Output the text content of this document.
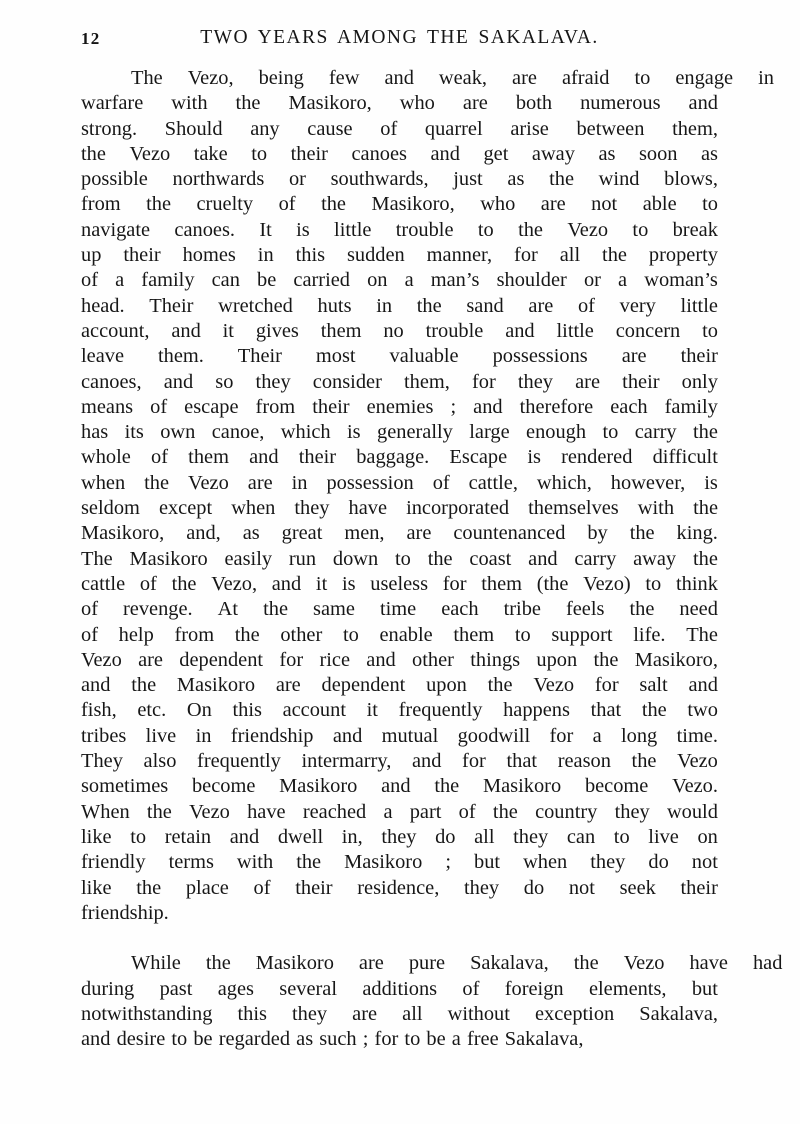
12	TWO YEARS AMONG THE SAKALAVA.
The	Vezo,	being	few	and	weak,	are	afraid	to	engage	in
warfare with the Masikoro, who are both numerous and
strong. Should any cause of quarrel arise between them,
the Vezo take to their canoes and get away as soon as
possible northwards or southwards, just as the wind blows,
from the cruelty of the Masikoro, who are not able to
navigate canoes. It is little trouble to the Vezo to break
up their homes in this sudden manner, for all the property
of a family can be carried on a man’s shoulder or a woman’s
head. Their wretched huts in the sand are of very little
account, and it gives them no trouble and little concern to
leave them. Their most valuable possessions are their
canoes, and so they consider them, for they are their only
means of escape from their enemies ; and therefore each family
has its own canoe, which is generally large enough to carry the
whole of them and their baggage. Escape is rendered difficult
when the Vezo are in possession of cattle, which, however, is
seldom except when they have incorporated themselves with the
Masikoro, and, as great men, are countenanced by the king.
The Masikoro easily run down to the coast and carry away the
cattle of the Vezo, and it is useless for them (the Vezo) to think
of revenge. At the same time each tribe feels the need
of help from the other to enable them to support life. The
Vezo are dependent for rice and other things upon the Masikoro,
and the Masikoro are dependent upon the Vezo for salt and
fish, etc. On this account it frequently happens that the two
tribes live in friendship and mutual goodwill for a long time.
They also frequently intermarry, and for that reason the Vezo
sometimes become Masikoro and the Masikoro become Vezo.
When the Vezo have reached a part of the country they would
like to retain and dwell in, they do all they can to live on
friendly terms with the Masikoro ; but when they do not
like the place of their residence, they do not seek their
friendship.
While	the	Masikoro	are	pure	Sakalava,	the	Vezo	have	had
during past ages several additions of foreign elements, but
notwithstanding this they are all without exception Sakalava,
and desire to be regarded as such ; for to be a free Sakalava,
